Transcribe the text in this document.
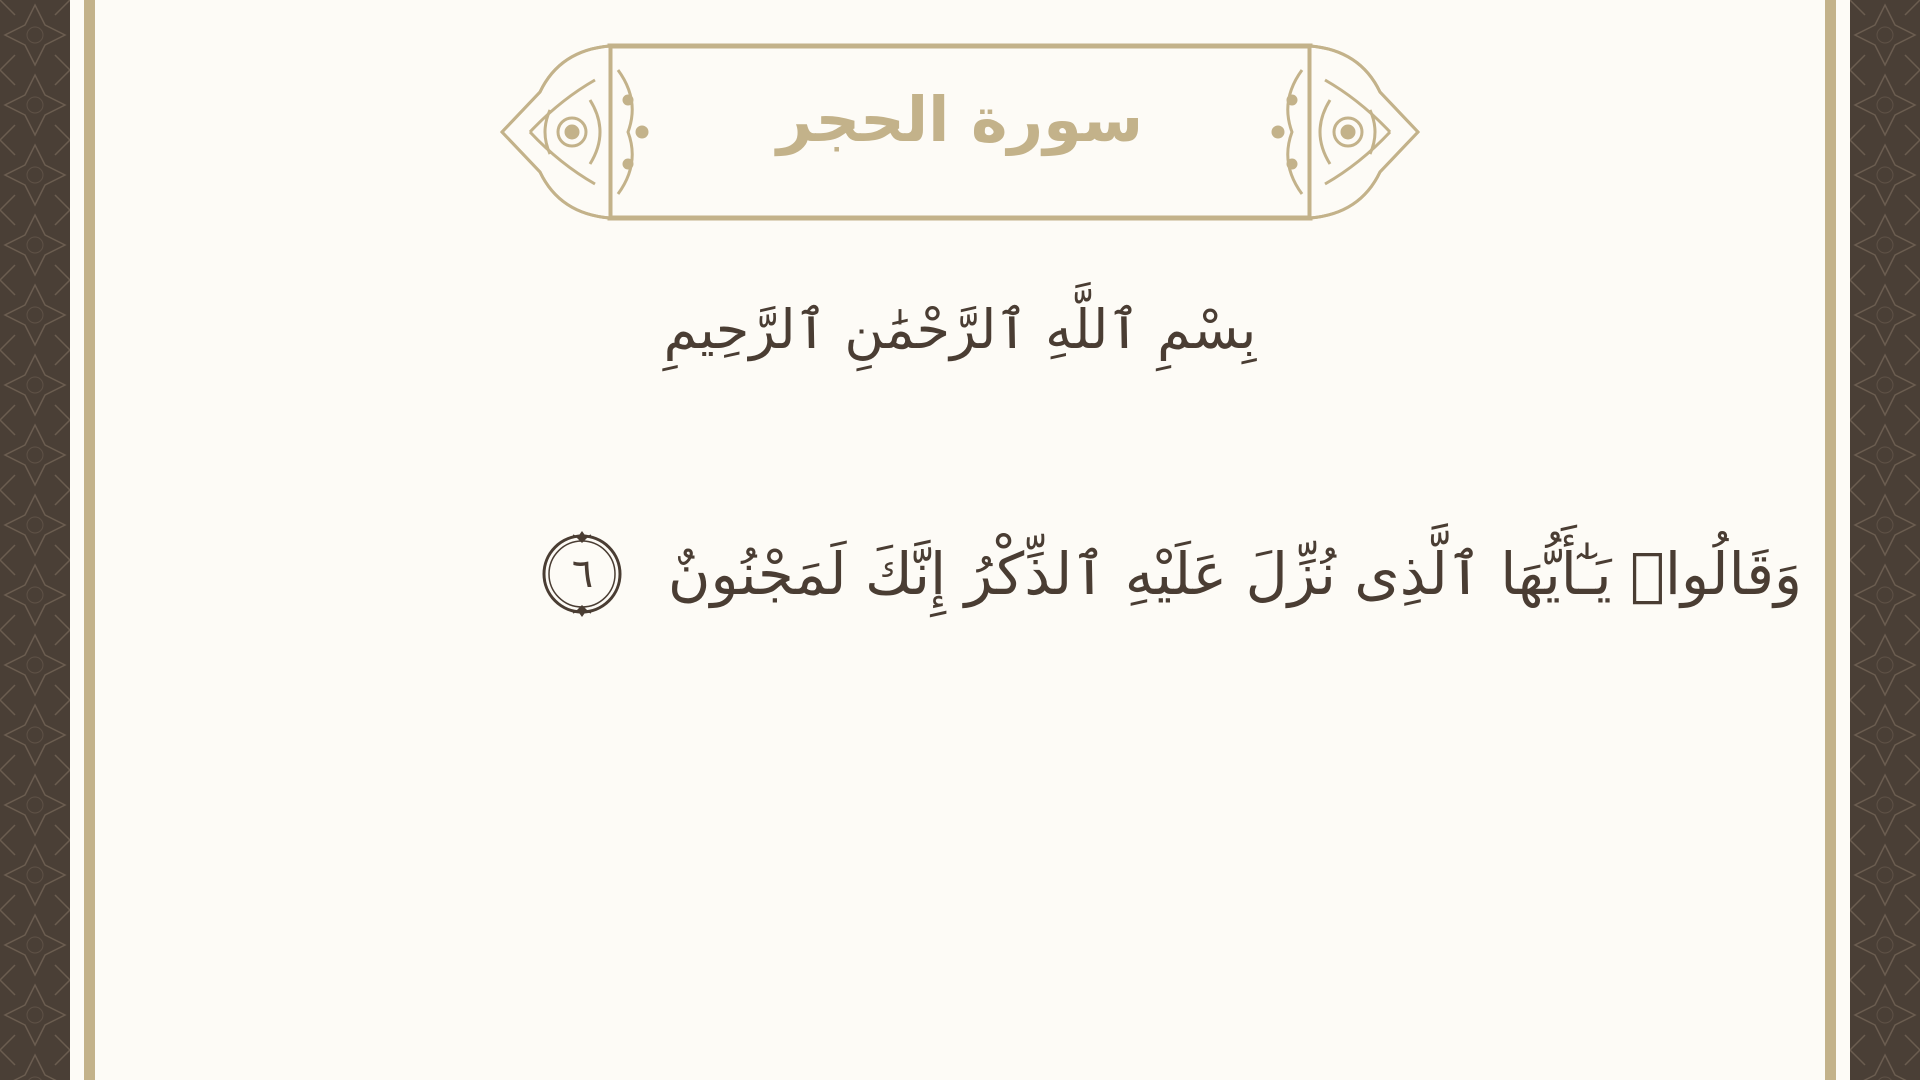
سورة الحجر
بِسْمِ ٱللَّهِ ٱلرَّحْمَٰنِ ٱلرَّحِيمِ
وَقَالُوا۟ يَـٰٓأَيُّهَا ٱلَّذِى نُزِّلَ عَلَيْهِ ٱلذِّكْرُ إِنَّكَ لَمَجْنُونٌ
٦
